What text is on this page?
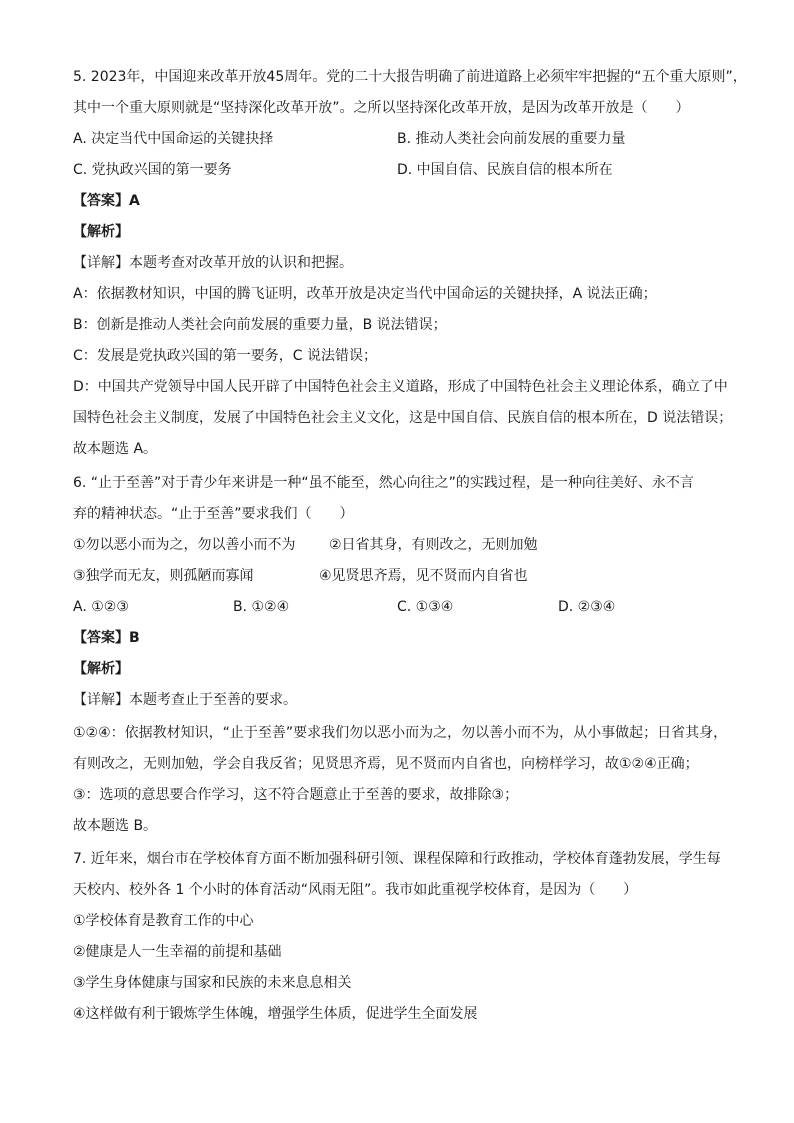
5. 2023年，中国迎来改革开放45周年。党的二十大报告明确了前进道路上必须牢牢把握的“五个重大原则”，
其中一个重大原则就是“坚持深化改革开放”。之所以坚持深化改革开放，是因为改革开放是（　　）
A. 决定当代中国命运的关键抉择	B. 推动人类社会向前发展的重要力量
C. 党执政兴国的第一要务	D. 中国自信、民族自信的根本所在
【答案】A
【解析】
【详解】本题考查对改革开放的认识和把握。
A：依据教材知识，中国的腾飞证明，改革开放是决定当代中国命运的关键抉择，A 说法正确；
B：创新是推动人类社会向前发展的重要力量，B 说法错误；
C：发展是党执政兴国的第一要务，C 说法错误；
D：中国共产党领导中国人民开辟了中国特色社会主义道路，形成了中国特色社会主义理论体系，确立了中
国特色社会主义制度，发展了中国特色社会主义文化，这是中国自信、民族自信的根本所在，D 说法错误；
故本题选 A。
6. “止于至善”对于青少年来讲是一种“虽不能至，然心向往之”的实践过程，是一种向往美好、永不言
弃的精神状态。“止于至善”要求我们（　　）
①勿以恶小而为之，勿以善小而不为 ②日省其身，有则改之，无则加勉
③独学而无友，则孤陋而寡闻	④见贤思齐焉，见不贤而内自省也
A. ①②③	B. ①②④	C. ①③④	D. ②③④
【答案】B
【解析】
【详解】本题考查止于至善的要求。
①②④：依据教材知识，“止于至善”要求我们勿以恶小而为之，勿以善小而不为，从小事做起；日省其身，
有则改之，无则加勉，学会自我反省；见贤思齐焉，见不贤而内自省也，向榜样学习，故①②④正确；
③：选项的意思要合作学习，这不符合题意止于至善的要求，故排除③；
故本题选 B。
7. 近年来，烟台市在学校体育方面不断加强科研引领、课程保障和行政推动，学校体育蓬勃发展，学生每
天校内、校外各 1 个小时的体育活动“风雨无阻”。我市如此重视学校体育，是因为（　　）
①学校体育是教育工作的中心
②健康是人一生幸福的前提和基础
③学生身体健康与国家和民族的未来息息相关
④这样做有利于锻炼学生体魄，增强学生体质，促进学生全面发展
